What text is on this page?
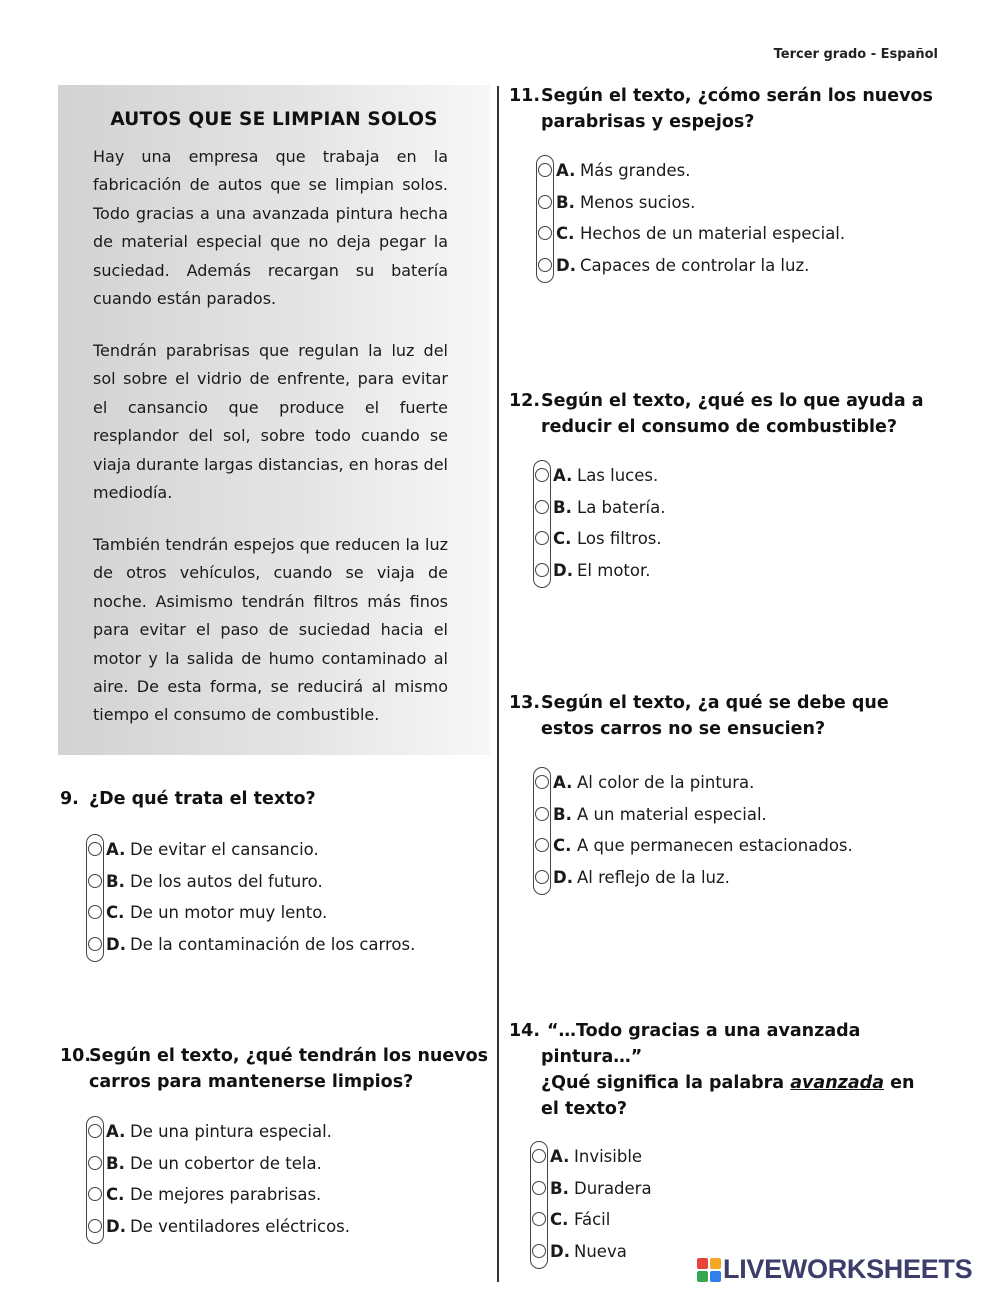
Tercer grado - Español
AUTOS QUE SE LIMPIAN SOLOS
Hay una empresa que trabaja en la fabricación de autos que se limpian solos. Todo gracias a una avanzada pintura hecha de material especial que no deja pegar la suciedad. Además recargan su batería cuando están parados.
Tendrán parabrisas que regulan la luz del sol sobre el vidrio de enfrente, para evitar el cansancio que produce el fuerte resplandor del sol, sobre todo cuando se viaja durante largas distancias, en horas del mediodía.
También tendrán espejos que reducen la luz de otros vehículos, cuando se viaja de noche. Asimismo tendrán filtros más finos para evitar el paso de suciedad hacia el motor y la salida de humo contaminado al aire. De esta forma, se reducirá al mismo tiempo el consumo de combustible.
9. ¿De qué trata el texto?
A. De evitar el cansancio.
B. De los autos del futuro.
C. De un motor muy lento.
D. De la contaminación de los carros.
10.
Según el texto, ¿qué tendrán los nuevos
carros para mantenerse limpios?
A. De una pintura especial.
B. De un cobertor de tela.
C. De mejores parabrisas.
D. De ventiladores eléctricos.
11. Según el texto, ¿cómo serán los nuevos
parabrisas y espejos?
A. Más grandes.
B. Menos sucios.
C. Hechos de un material especial.
D. Capaces de controlar la luz.
12. Según el texto, ¿qué es lo que ayuda a
reducir el consumo de combustible?
A. Las luces.
B. La batería.
C. Los filtros.
D. El motor.
13. Según el texto, ¿a qué se debe que
estos carros no se ensucien?
A. Al color de la pintura.
B. A un material especial.
C. A que permanecen estacionados.
D. Al reflejo de la luz.
14. “…Todo gracias a una avanzada
pintura…”
¿Qué significa la palabra avanzada en
el texto?
A. Invisible
B. Duradera
C. Fácil
D. Nueva
LIVEWORKSHEETS
